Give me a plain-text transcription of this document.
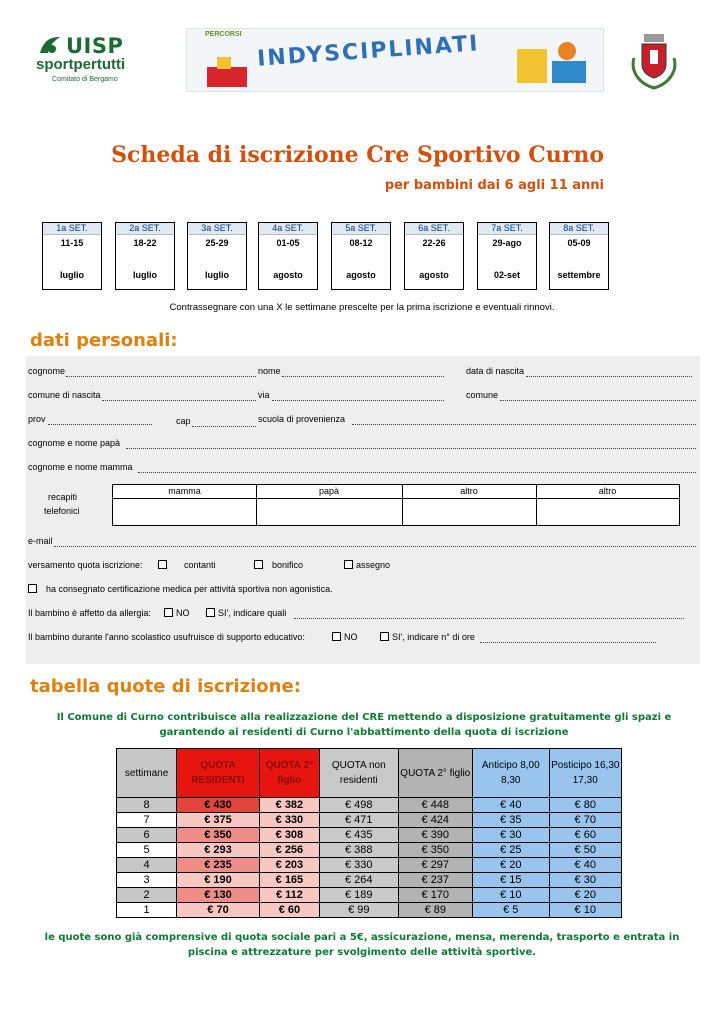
UISP
sportpertutti
Comitato di Bergamo
PERCORSI INDYSCIPLINATI
Scheda di iscrizione Cre Sportivo Curno
per bambini dai 6 agli 11 anni
1a SET.
11-15
luglio
2a SET.
18-22
luglio
3a SET.
25-29
luglio
4a SET.
01-05
agosto
5a SET.
08-12
agosto
6a SET.
22-26
agosto
7a SET.
29-ago
02-set
8a SET.
05-09
settembre
Contrassegnare con una X le settimane prescelte per la prima iscrizione e eventuali rinnovi.
dati personali:
cognome	nome	data di nascita
comune di nascita	via	comune
prov	cap	scuola di provenienza
cognome e nome papà
cognome e nome mamma
recapiti
telefonici
mamma	papà	altro	altro
e-mail
versamento quota iscrizione:	contanti	bonifico	assegno
ha consegnato certificazione medica per attività sportiva non agonistica.
Il bambino è affetto da allergia:	NO	SI', indicare quali
Il bambino durante l'anno scolastico usufruisce di supporto educativo:	NO	SI', indicare n° di ore
tabella quote di iscrizione:
Il Comune di Curno contribuisce alla realizzazione del CRE mettendo a disposizione gratuitamente gli spazi e garantendo ai residenti di Curno l'abbattimento della quota di iscrizione
settimane	QUOTA RESIDENTI	QUOTA 2° figlio	QUOTA non residenti	QUOTA 2° figlio	Anticipo 8,00 8,30	Posticipo 16,30 17,30
8	€ 430	€ 382	€ 498	€ 448	€ 40	€ 80
7	€ 375	€ 330	€ 471	€ 424	€ 35	€ 70
6	€ 350	€ 308	€ 435	€ 390	€ 30	€ 60
5	€ 293	€ 256	€ 388	€ 350	€ 25	€ 50
4	€ 235	€ 203	€ 330	€ 297	€ 20	€ 40
3	€ 190	€ 165	€ 264	€ 237	€ 15	€ 30
2	€ 130	€ 112	€ 189	€ 170	€ 10	€ 20
1	€ 70	€ 60	€ 99	€ 89	€ 5	€ 10
le quote sono già comprensive di quota sociale pari a 5€, assicurazione, mensa, merenda, trasporto e entrata in piscina e attrezzature per svolgimento delle attività sportive.
